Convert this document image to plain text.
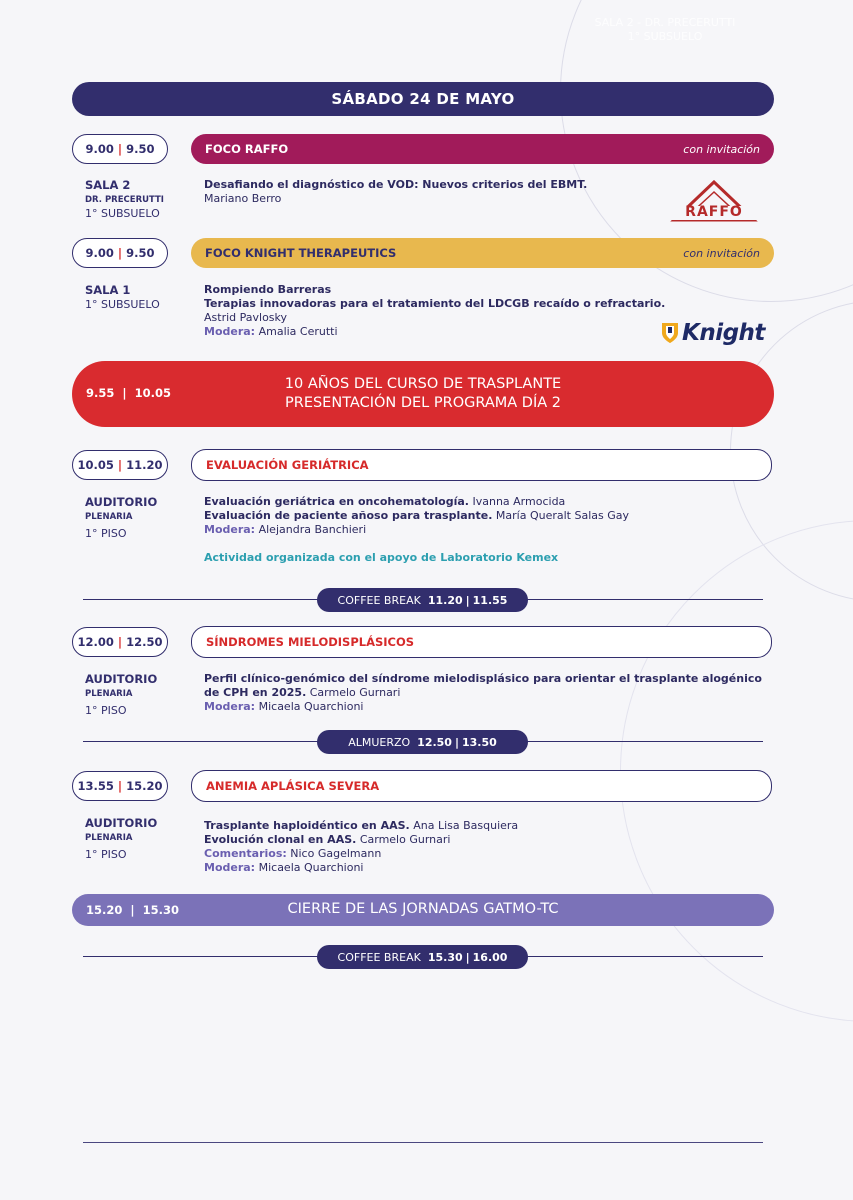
SALA 2 - DR. PRECERUTTI
1° SUBSUELO
SÁBADO 24 DE MAYO
9.00 | 9.50	FOCO RAFFO	con invitación
SALA 2
DR. PRECERUTTI
1° SUBSUELO
Desafiando el diagnóstico de VOD: Nuevos criterios del EBMT.
Mariano Berro
RAFFO
9.00 | 9.50	FOCO KNIGHT THERAPEUTICS	con invitación
SALA 1
1° SUBSUELO
Rompiendo Barreras
Terapias innovadoras para el tratamiento del LDCGB recaído o refractario.
Astrid Pavlosky
Modera: Amalia Cerutti	Knight
9.55 | 10.05
10 AÑOS DEL CURSO DE TRASPLANTE
PRESENTACIÓN DEL PROGRAMA DÍA 2
10.05 | 11.20	EVALUACIÓN GERIÁTRICA
AUDITORIO
PLENARIA
1° PISO
Evaluación geriátrica en oncohematología. Ivanna Armocida
Evaluación de paciente añoso para trasplante. María Queralt Salas Gay
Modera: Alejandra Banchieri
Actividad organizada con el apoyo de Laboratorio Kemex
COFFEE BREAK
11.20 | 11.55
12.00 | 12.50	SÍNDROMES MIELODISPLÁSICOS
AUDITORIO
PLENARIA
1° PISO
Perfil clínico-genómico del síndrome mielodisplásico para orientar el trasplante alogénico
de CPH en 2025. Carmelo Gurnari
Modera: Micaela Quarchioni
ALMUERZO
12.50 | 13.50
13.55 | 15.20	ANEMIA APLÁSICA SEVERA
AUDITORIO
PLENARIA
1° PISO
Trasplante haploidéntico en AAS. Ana Lisa Basquiera
Evolución clonal en AAS. Carmelo Gurnari
Comentarios: Nico Gagelmann
Modera: Micaela Quarchioni
15.20 | 15.30	CIERRE DE LAS JORNADAS GATMO-TC
COFFEE BREAK
15.30 | 16.00
